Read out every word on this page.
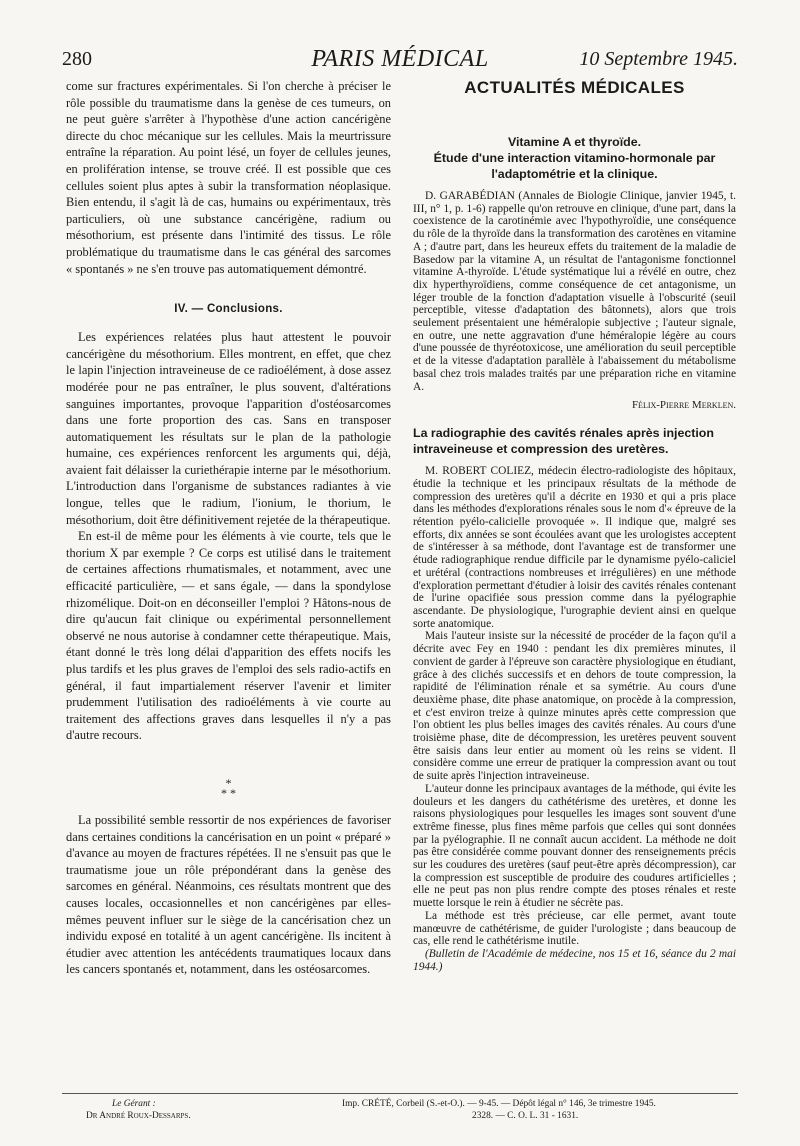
280	PARIS MÉDICAL	10 Septembre 1945.

come sur fractures expérimentales. Si l'on cherche à préciser le rôle possible du traumatisme dans la genèse de ces tumeurs, on ne peut guère s'arrêter à l'hypothèse d'une action cancérigène directe du choc mécanique sur les cellules. Mais la meurtrissure entraîne la réparation. Au point lésé, un foyer de cellules jeunes, en prolifération intense, se trouve créé. Il est possible que ces cellules soient plus aptes à subir la transformation néoplasique. Bien entendu, il s'agit là de cas, humains ou expérimentaux, très particuliers, où une substance cancérigène, radium ou mésothorium, est présente dans l'intimité des tissus. Le rôle problématique du traumatisme dans le cas général des sarcomes « spontanés » ne s'en trouve pas automatiquement démontré.

IV. — Conclusions.

Les expériences relatées plus haut attestent le pouvoir cancérigène du mésothorium. Elles montrent, en effet, que chez le lapin l'injection intraveineuse de ce radioélément, à dose assez modérée pour ne pas entraîner, le plus souvent, d'altérations sanguines importantes, provoque l'apparition d'ostéosarcomes dans une forte proportion des cas. Sans en transposer automatiquement les résultats sur le plan de la pathologie humaine, ces expériences renforcent les arguments qui, déjà, avaient fait délaisser la curiethérapie interne par le mésothorium. L'introduction dans l'organisme de substances radiantes à vie longue, telles que le radium, l'ionium, le thorium, le mésothorium, doit être définitivement rejetée de la thérapeutique.

En est-il de même pour les éléments à vie courte, tels que le thorium X par exemple ? Ce corps est utilisé dans le traitement de certaines affections rhumatismales, et notamment, avec une efficacité particulière, — et sans égale, — dans la spondylose rhizomélique. Doit-on en déconseiller l'emploi ? Hâtons-nous de dire qu'aucun fait clinique ou expérimental personnellement observé ne nous autorise à condamner cette thérapeutique. Mais, étant donné le très long délai d'apparition des effets nocifs les plus tardifs et les plus graves de l'emploi des sels radio-actifs en général, il faut impartialement réserver l'avenir et limiter prudemment l'utilisation des radioéléments à vie courte au traitement des affections graves dans lesquelles il n'y a pas d'autre recours.

*

* *

La possibilité semble ressortir de nos expériences de favoriser dans certaines conditions la cancérisation en un point « préparé » d'avance au moyen de fractures répétées. Il ne s'ensuit pas que le traumatisme joue un rôle prépondérant dans la genèse des sarcomes en général. Néanmoins, ces résultats montrent que des causes locales, occasionnelles et non cancérigènes par elles-mêmes peuvent influer sur le siège de la cancérisation chez un individu exposé en totalité à un agent cancérigène. Ils incitent à étudier avec attention les antécédents traumatiques locaux dans les cancers spontanés et, notamment, dans les ostéosarcomes.

ACTUALITÉS MÉDICALES

Vitamine A et thyroïde.

Étude d'une interaction vitamino-hormonale par l'adaptométrie et la clinique.

D. GARABÉDIAN (Annales de Biologie Clinique, janvier 1945, t. III, n° 1, p. 1-6) rappelle qu'on retrouve en clinique, d'une part, dans la coexistence de la carotinémie avec l'hypothyroïdie, une conséquence du rôle de la thyroïde dans la transformation des carotènes en vitamine A ; d'autre part, dans les heureux effets du traitement de la maladie de Basedow par la vitamine A, un résultat de l'antagonisme fonctionnel vitamine A-thyroïde. L'étude systématique lui a révélé en outre, chez dix hyperthyroïdiens, comme conséquence de cet antagonisme, un léger trouble de la fonction d'adaptation visuelle à l'obscurité (seuil perceptible, vitesse d'adaptation des bâtonnets), alors que trois seulement présentaient une héméralopie subjective ; l'auteur signale, en outre, une nette aggravation d'une héméralopie légère au cours d'une poussée de thyréotoxicose, une amélioration du seuil perceptible et de la vitesse d'adaptation parallèle à l'abaissement du métabolisme basal chez trois malades traités par une préparation riche en vitamine A.

Félix-Pierre Merklen.

La radiographie des cavités rénales après injection intraveineuse et compression des uretères.

M. ROBERT COLIEZ, médecin électro-radiologiste des hôpitaux, étudie la technique et les principaux résultats de la méthode de compression des uretères qu'il a décrite en 1930 et qui a pris place dans les méthodes d'explorations rénales sous le nom d'« épreuve de la rétention pyélo-calicielle provoquée ». Il indique que, malgré ses efforts, dix années se sont écoulées avant que les urologistes acceptent de s'intéresser à sa méthode, dont l'avantage est de transformer une étude radiographique rendue difficile par le dynamisme pyélo-caliciel et urétéral (contractions nombreuses et irrégulières) en une méthode d'exploration permettant d'étudier à loisir des cavités rénales contenant de l'urine opacifiée sous pression comme dans la pyélographie ascendante. De physiologique, l'urographie devient ainsi en quelque sorte anatomique.

Mais l'auteur insiste sur la nécessité de procéder de la façon qu'il a décrite avec Fey en 1940 : pendant les dix premières minutes, il convient de garder à l'épreuve son caractère physiologique en étudiant, grâce à des clichés successifs et en dehors de toute compression, la rapidité de l'élimination rénale et sa symétrie. Au cours d'une deuxième phase, dite phase anatomique, on procède à la compression, et c'est environ treize à quinze minutes après cette compression que l'on obtient les plus belles images des cavités rénales. Au cours d'une troisième phase, dite de décompression, les uretères peuvent souvent être saisis dans leur entier au moment où les reins se vident. Il considère comme une erreur de pratiquer la compression avant ou tout de suite après l'injection intraveineuse.

L'auteur donne les principaux avantages de la méthode, qui évite les douleurs et les dangers du cathétérisme des uretères, et donne les raisons physiologiques pour lesquelles les images sont souvent d'une extrême finesse, plus fines même parfois que celles qui sont données par la pyélographie. Il ne connaît aucun accident. La méthode ne doit pas être considérée comme pouvant donner des renseignements précis sur les coudures des uretères (sauf peut-être après décompression), car la compression est susceptible de produire des coudures artificielles ; elle ne peut pas non plus rendre compte des ptoses rénales et reste muette lorsque le rein à étudier ne sécrète pas.

La méthode est très précieuse, car elle permet, avant toute manœuvre de cathétérisme, de guider l'urologiste ; dans beaucoup de cas, elle rend le cathétérisme inutile.

(Bulletin de l'Académie de médecine, nos 15 et 16, séance du 2 mai 1944.)

Le Gérant :
Dr André Roux-Dessarps.
Imp. CRÉTÉ, Corbeil (S.-et-O.). — 9-45. — Dépôt légal n° 146, 3e trimestre 1945.
2328. — C. O. L. 31 - 1631.
